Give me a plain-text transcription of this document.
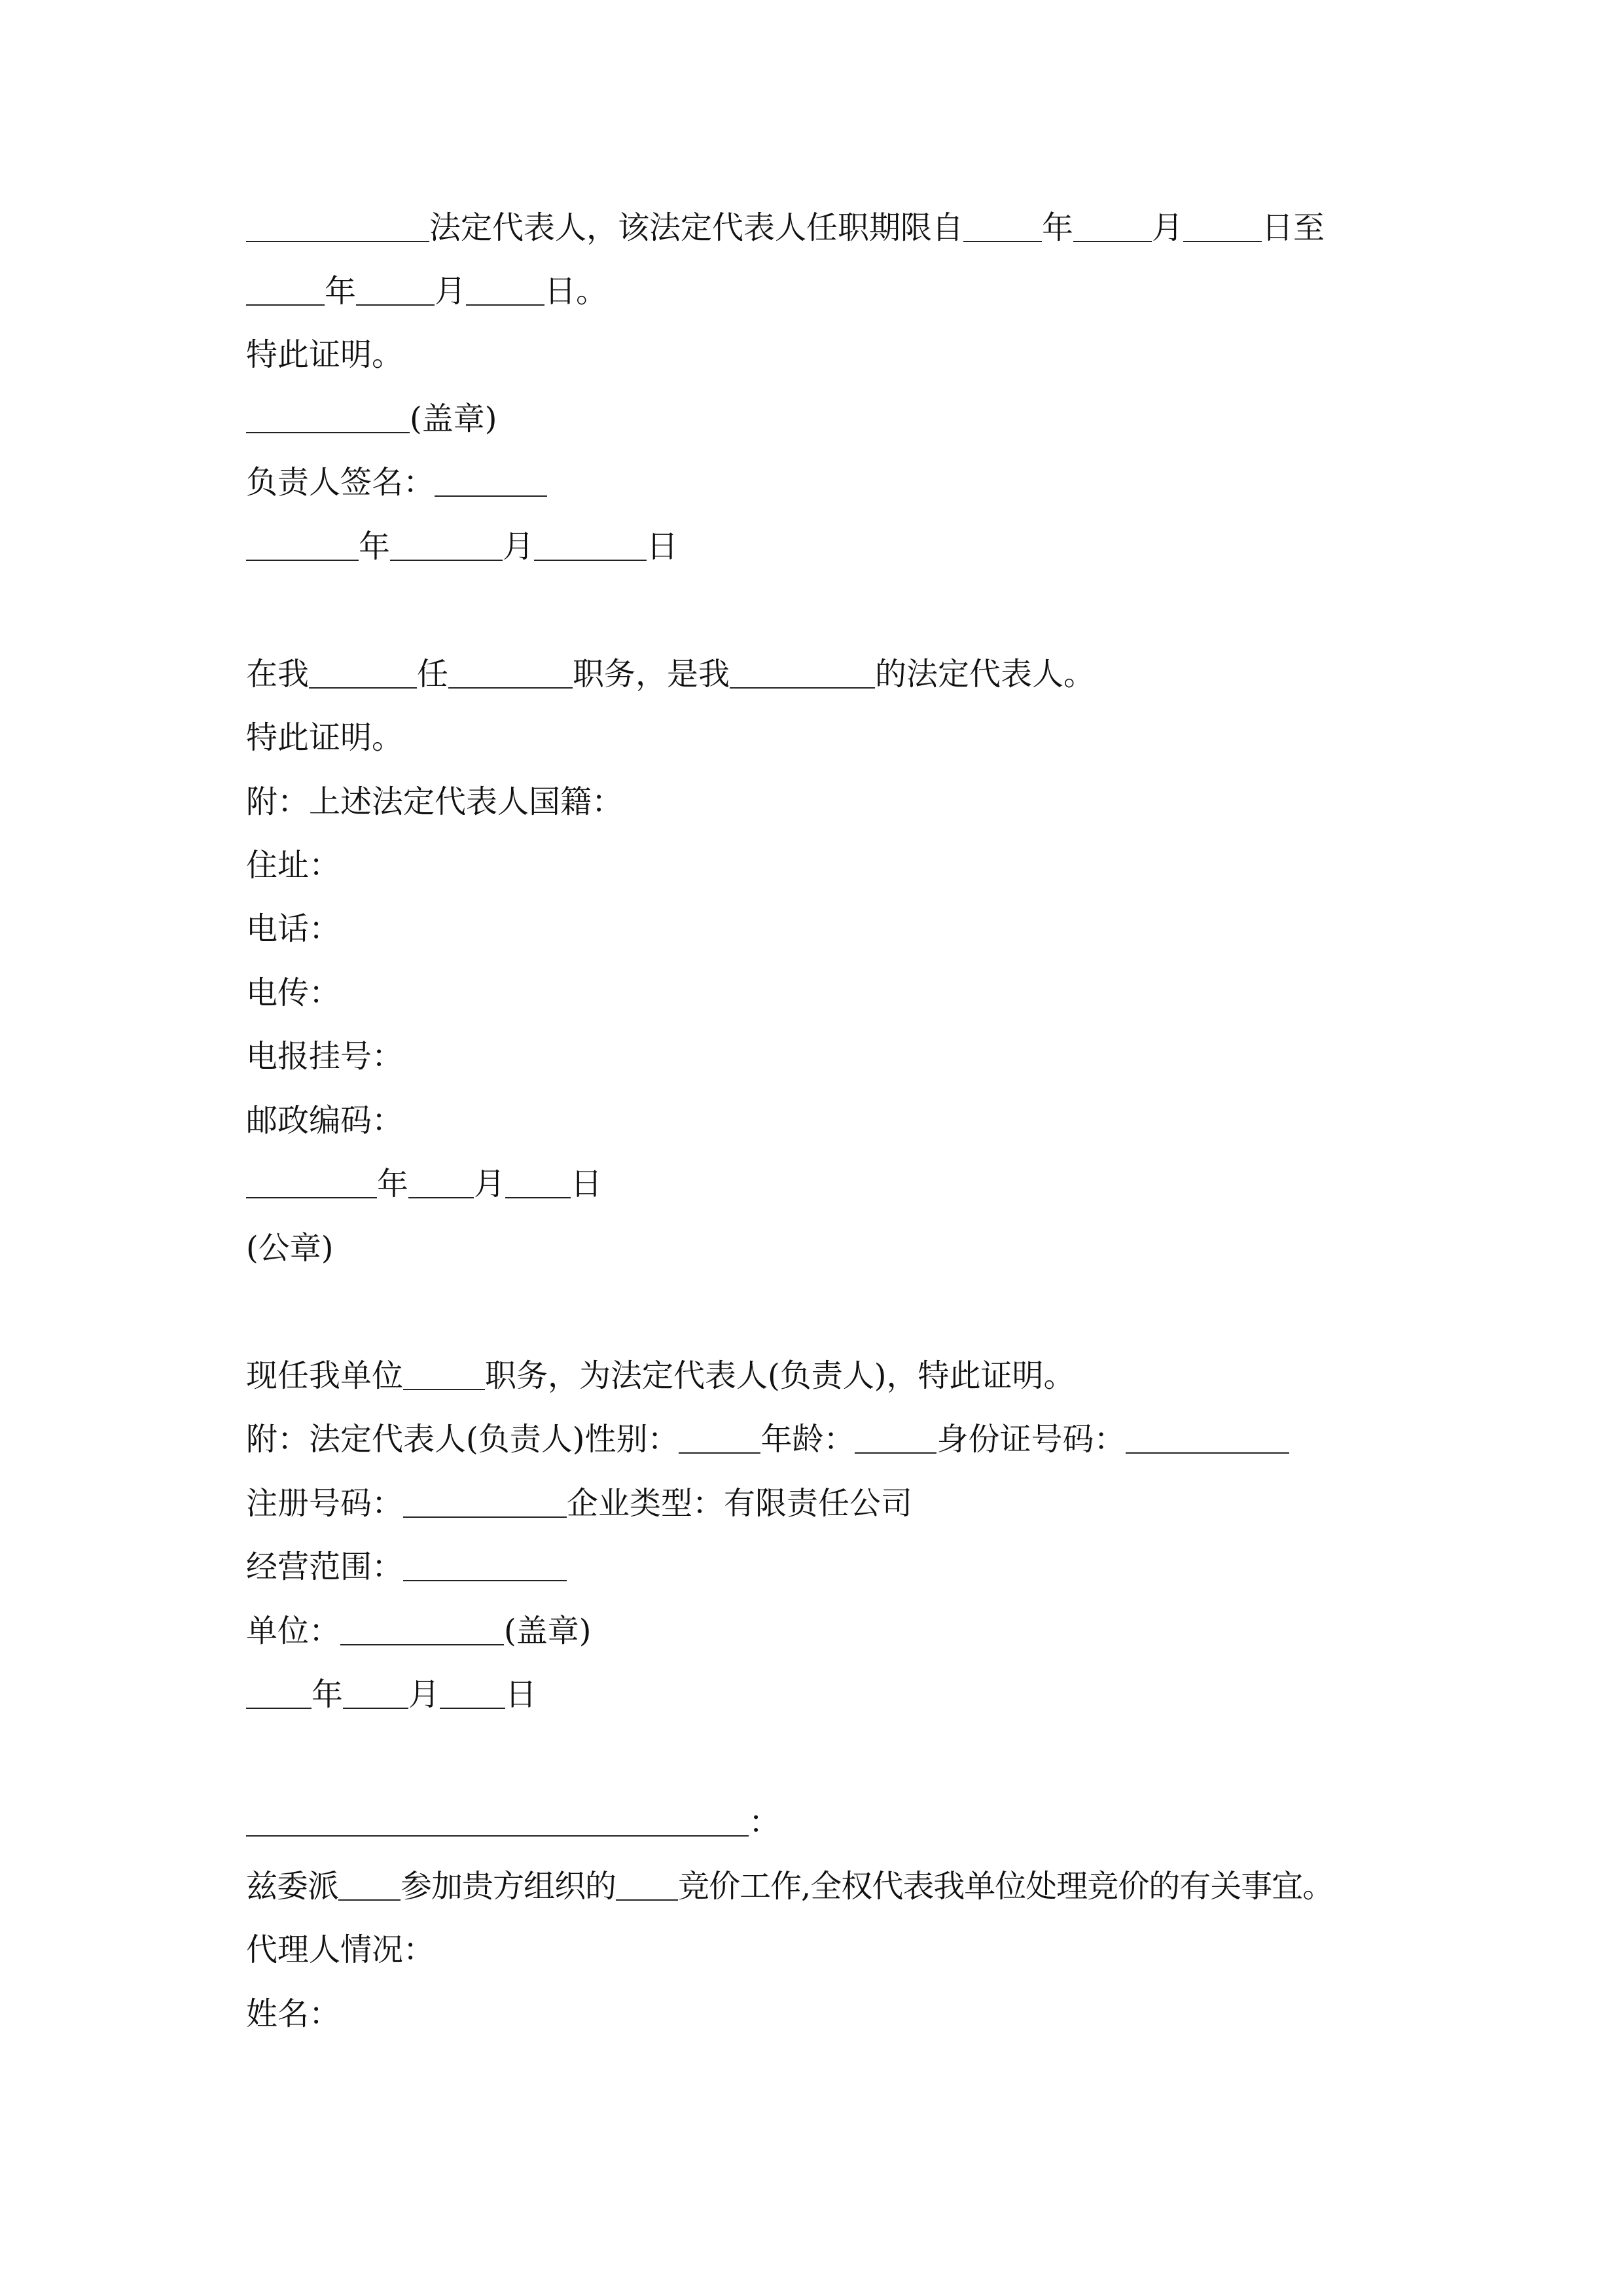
法定代表人，该法定代表人任职期限自	年	月	日至
年	月	日。
特此证明。
(盖章)
负责人签名：
年	月	日
在我	任	职务，是我	的法定代表人。
特此证明。
附：上述法定代表人国籍：
住址：
电话：
电传：
电报挂号：
邮政编码：
年 月 日
(公章)
现任我单位	职务，为法定代表人(负责人)，特此证明。
附：法定代表人(负责人)性别：	年龄：	身份证号码：
注册号码：	企业类型：有限责任公司
经营范围：
单位：	(盖章)
年 月 日
：
兹委派 参加贵方组织的 竞价工作,全权代表我单位处理竞价的有关事宜。
代理人情况：
姓名：
